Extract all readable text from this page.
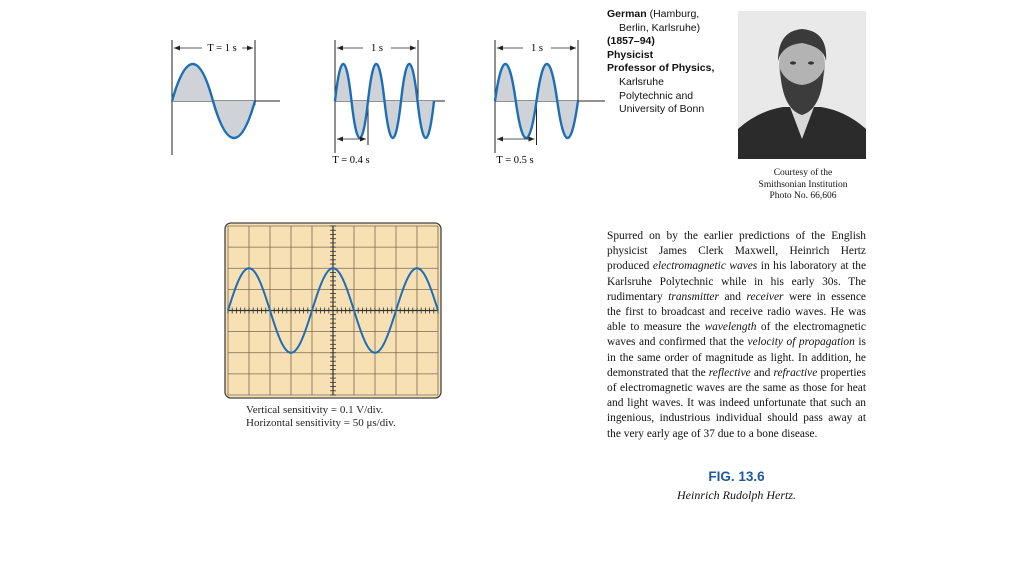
T = 1 s	1 s
T = 0.4 s
1 s
T = 0.5 s
Vertical sensitivity = 0.1 V/div.
Horizontal sensitivity = 50 μs/div.
German (Hamburg,
Berlin, Karlsruhe)
(1857–94)
Physicist
Professor of Physics,
Karlsruhe
Polytechnic and
University of Bonn
Courtesy of the
Smithsonian Institution
Photo No. 66,606
Spurred on by the earlier predictions of the English physicist James Clerk Maxwell, Heinrich Hertz produced electromagnetic waves in his laboratory at the Karlsruhe Polytechnic while in his early 30s. The rudimentary transmitter and receiver were in essence the first to broadcast and receive radio waves. He was able to measure the wavelength of the electromagnetic waves and confirmed that the velocity of propagation is in the same order of magnitude as light. In addition, he demonstrated that the reflective and refractive properties of electromagnetic waves are the same as those for heat and light waves. It was indeed unfortunate that such an ingenious, industrious individual should pass away at the very early age of 37 due to a bone disease.
FIG. 13.6
Heinrich Rudolph Hertz.
